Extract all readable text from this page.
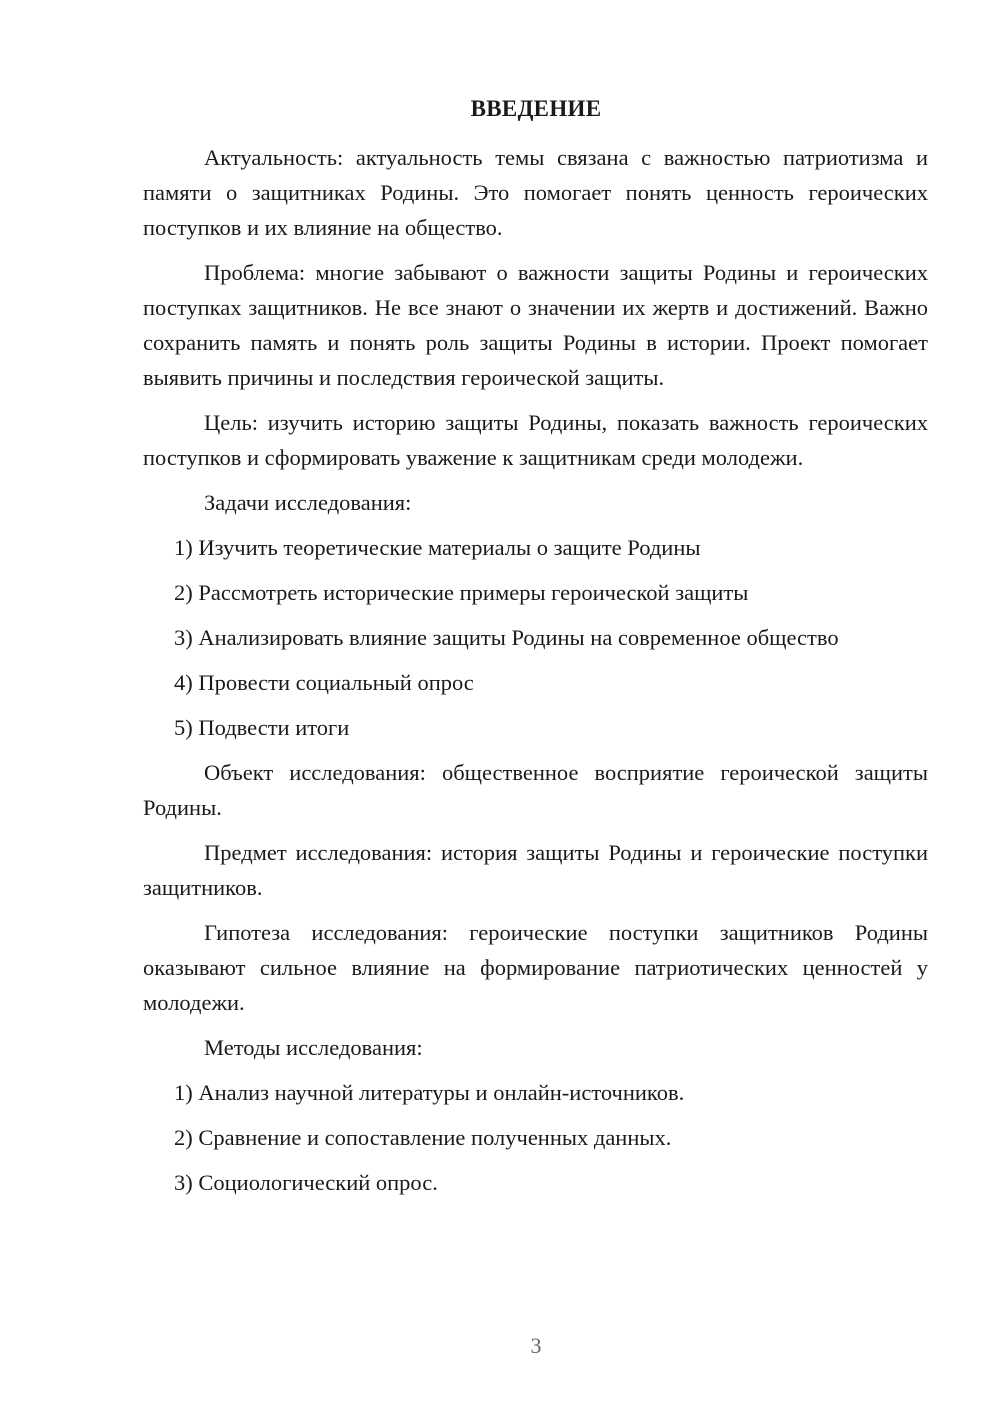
ВВЕДЕНИЕ

Актуальность: актуальность темы связана с важностью патриотизма и памяти о защитниках Родины. Это помогает понять ценность героических поступков и их влияние на общество.

Проблема: многие забывают о важности защиты Родины и героических поступках защитников. Не все знают о значении их жертв и достижений. Важно сохранить память и понять роль защиты Родины в истории. Проект помогает выявить причины и последствия героической защиты.

Цель: изучить историю защиты Родины, показать важность героических поступков и сформировать уважение к защитникам среди молодежи.

Задачи исследования:

1) Изучить теоретические материалы о защите Родины
2) Рассмотреть исторические примеры героической защиты
3) Анализировать влияние защиты Родины на современное общество
4) Провести социальный опрос
5) Подвести итоги

Объект исследования: общественное восприятие героической защиты Родины.

Предмет исследования: история защиты Родины и героические поступки защитников.

Гипотеза исследования: героические поступки защитников Родины оказывают сильное влияние на формирование патриотических ценностей у молодежи.

Методы исследования:

1) Анализ научной литературы и онлайн-источников.
2) Сравнение и сопоставление полученных данных.
3) Социологический опрос.
3
